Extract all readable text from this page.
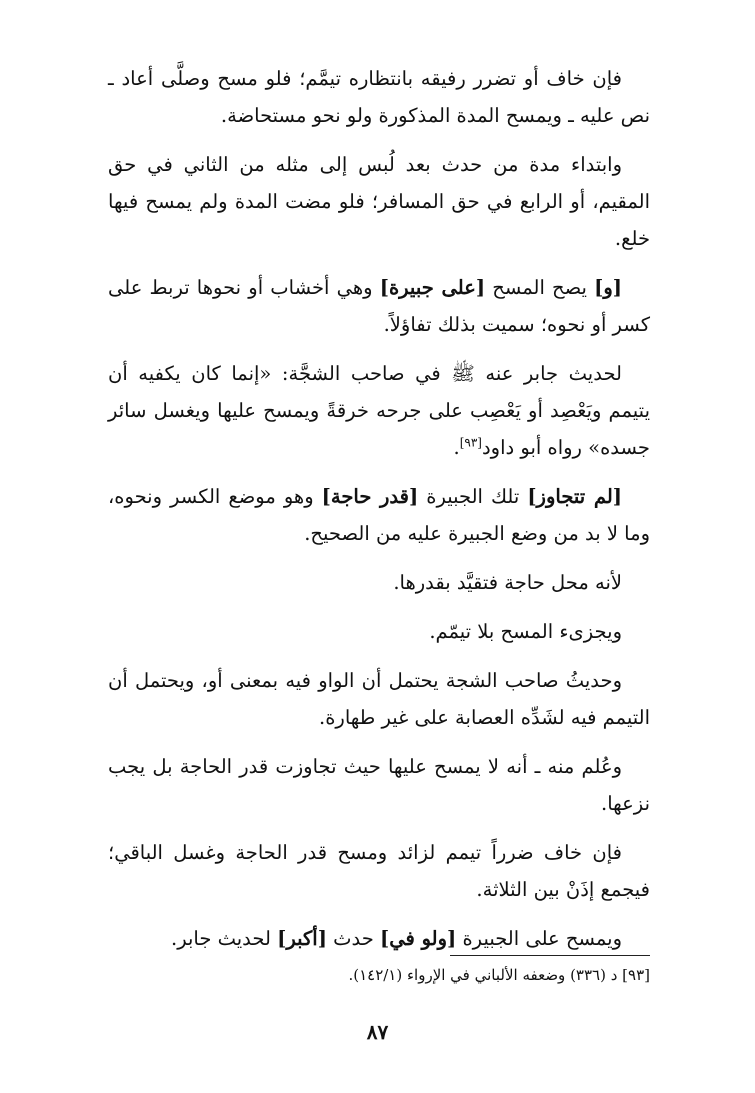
فإن خاف أو تضرر رفيقه بانتظاره تيمَّم؛ فلو مسح وصلَّى أعاد ـ نص عليه ـ ويمسح المدة المذكورة ولو نحو مستحاضة.

وابتداء مدة من حدث بعد لُبس إلى مثله من الثاني في حق المقيم، أو الرابع في حق المسافر؛ فلو مضت المدة ولم يمسح فيها خلع.

[و] يصح المسح [على جبيرة] وهي أخشاب أو نحوها تربط على كسر أو نحوه؛ سميت بذلك تفاؤلاً.

لحديث جابر عنه ﷺ في صاحب الشجَّة: «إنما كان يكفيه أن يتيمم ويَعْصِد أو يَعْصِب على جرحه خرقةً ويمسح عليها ويغسل سائر جسده» رواه أبو داود[٩٣].

[لم تتجاوز] تلك الجبيرة [قدر حاجة] وهو موضع الكسر ونحوه، وما لا بد من وضع الجبيرة عليه من الصحيح.

لأنه محل حاجة فتقيَّد بقدرها.

ويجزىء المسح بلا تيمّم.

وحديثُ صاحب الشجة يحتمل أن الواو فيه بمعنى أو، ويحتمل أن التيمم فيه لشَدِّه العصابة على غير طهارة.

وعُلم منه ـ أنه لا يمسح عليها حيث تجاوزت قدر الحاجة بل يجب نزعها.

فإن خاف ضرراً تيمم لزائد ومسح قدر الحاجة وغسل الباقي؛ فيجمع إذَنْ بين الثلاثة.

ويمسح على الجبيرة [ولو في] حدث [أكبر] لحديث جابر.

[٩٣] د (٣٣٦) وضعفه الألباني في الإرواء (١٤٢/١).
٨٧
